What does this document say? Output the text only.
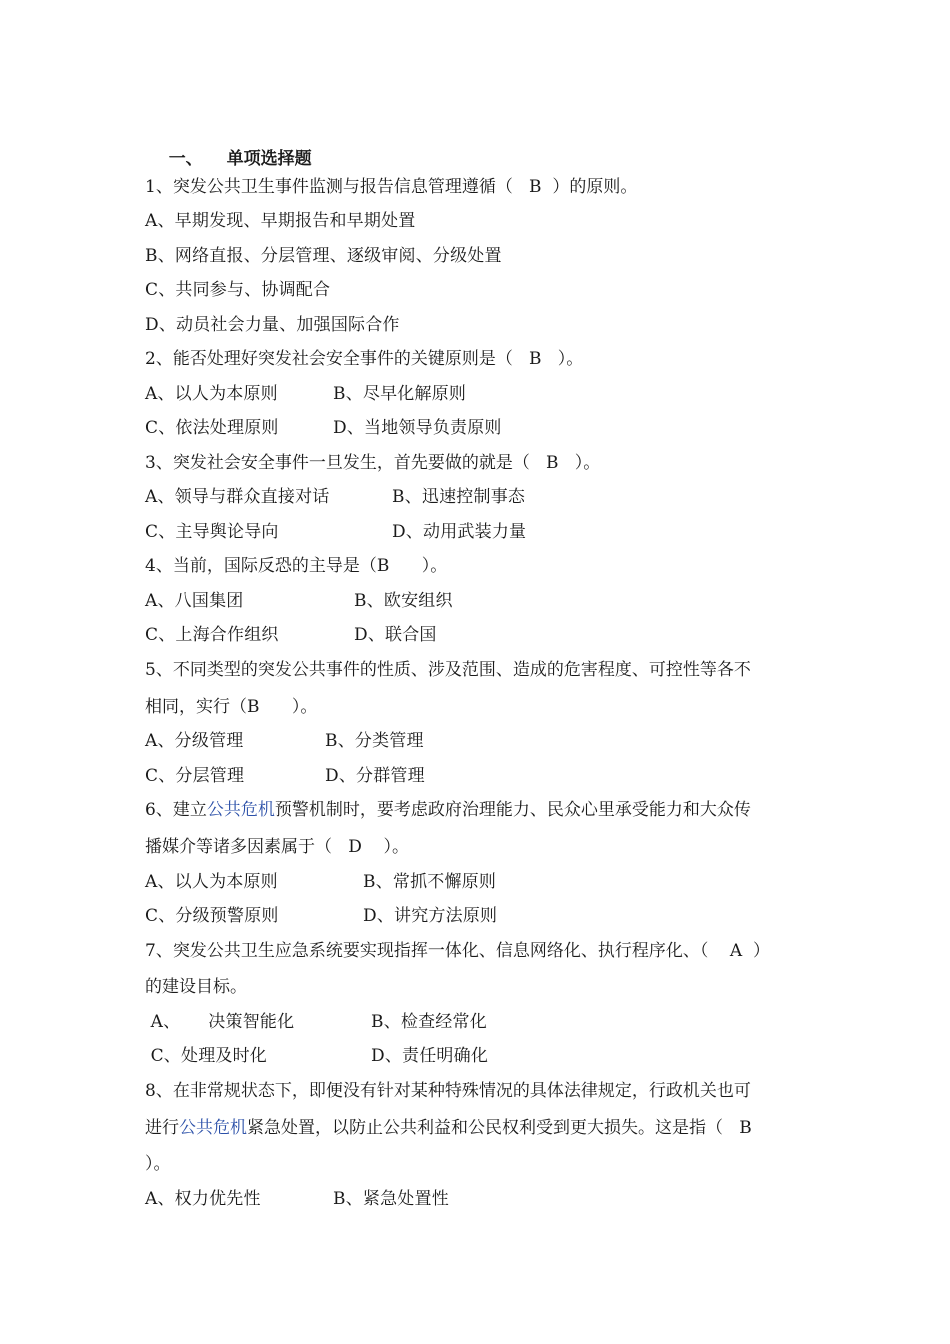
一、 单项选择题

1、突发公共卫生事件监测与报告信息管理遵循（   B  ）的原则。
A、早期发现、早期报告和早期处置
B、网络直报、分层管理、逐级审阅、分级处置
C、共同参与、协调配合
D、动员社会力量、加强国际合作
2、能否处理好突发社会安全事件的关键原则是（   B   ）。
A、以人为本原则	B、尽早化解原则
C、依法处理原则	D、当地领导负责原则
3、突发社会安全事件一旦发生，首先要做的就是（   B   ）。
A、领导与群众直接对话	B、迅速控制事态
C、主导舆论导向	D、动用武装力量
4、当前，国际反恐的主导是（B      ）。
A、八国集团	B、欧安组织
C、上海合作组织	D、联合国
5、不同类型的突发公共事件的性质、涉及范围、造成的危害程度、可控性等各不
相同，实行（B      ）。
A、分级管理	B、分类管理
C、分层管理	D、分群管理
6、建立公共危机预警机制时，要考虑政府治理能力、民众心里承受能力和大众传
播媒介等诸多因素属于（   D    ）。
A、以人为本原则	B、常抓不懈原则
C、分级预警原则	D、讲究方法原则
7、突发公共卫生应急系统要实现指挥一体化、信息网络化、执行程序化、（    A  ）
的建设目标。
A、     决策智能化	B、检查经常化
C、处理及时化	D、责任明确化
8、在非常规状态下，即便没有针对某种特殊情况的具体法律规定，行政机关也可
进行公共危机紧急处置，以防止公共利益和公民权利受到更大损失。这是指（   B
）。
A、权力优先性	B、紧急处置性
